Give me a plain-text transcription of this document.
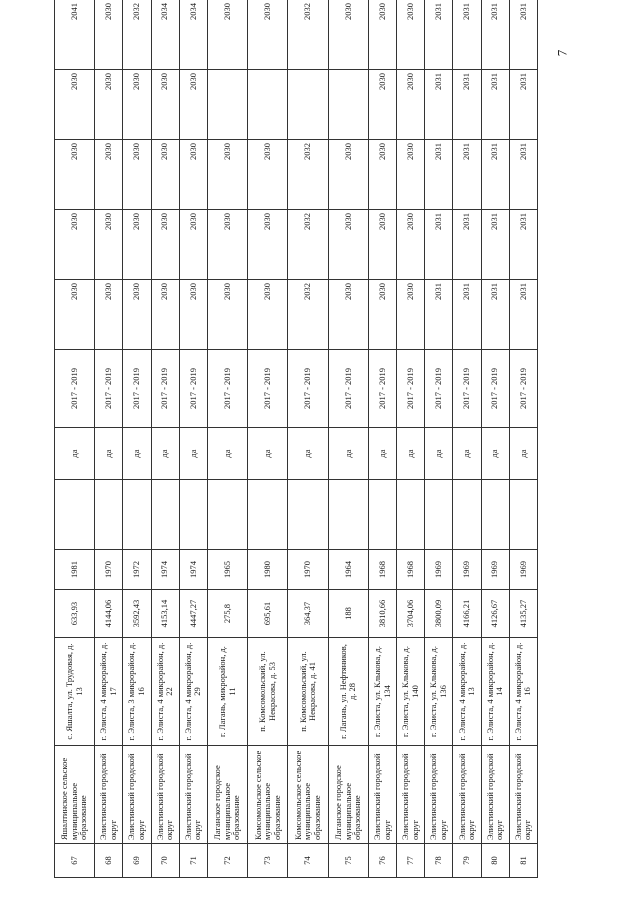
67	Яшалтинское сельское муниципальное образование	с. Яшалта, ул. Трудовая, д. 13	633,93	1981		да	2017 - 2019	2030	2030	2030	2030	2041
68	Элистинский городской округ	г. Элиста, 4 микрорайон, д. 17	4144,06	1970		да	2017 - 2019	2030	2030	2030	2030	2030
69	Элистинский городской округ	г. Элиста, 3 микрорайон, д. 16	3592,43	1972		да	2017 - 2019	2030	2030	2030	2030	2032
70	Элистинский городской округ	г. Элиста, 4 микрорайон, д. 22	4153,14	1974		да	2017 - 2019	2030	2030	2030	2030	2034
71	Элистинский городской округ	г. Элиста, 4 микрорайон, д. 29	4447,27	1974		да	2017 - 2019	2030	2030	2030	2030	2034
72	Лаганское городское муниципальное образование	г. Лагань, микрорайон, д. 11	275,8	1965		да	2017 - 2019	2030	2030	2030		2030
73	Комсомольское сельское муниципальное образование	п. Комсомольский, ул. Некрасова, д. 53	695,61	1980		да	2017 - 2019	2030	2030	2030		2030
74	Комсомольское сельское муниципальное образование	п. Комсомольский, ул. Некрасова, д. 41	364,37	1970		да	2017 - 2019	2032	2032	2032		2032
75	Лаганское городское муниципальное образование	г. Лагань, ул. Нефтяников, д. 28	188	1964		да	2017 - 2019	2030	2030	2030		2030
76	Элистинский городской округ	г. Элиста, ул. Клыкова, д. 134	3810,66	1968		да	2017 - 2019	2030	2030	2030	2030	2030
77	Элистинский городской округ	г. Элиста, ул. Клыкова, д. 140	3704,06	1968		да	2017 - 2019	2030	2030	2030	2030	2030
78	Элистинский городской округ	г. Элиста, ул. Клыкова, д. 136	3800,09	1969		да	2017 - 2019	2031	2031	2031	2031	2031
79	Элистинский городской округ	г. Элиста, 4 микрорайон, д. 13	4166,21	1969		да	2017 - 2019	2031	2031	2031	2031	2031
80	Элистинский городской округ	г. Элиста, 4 микрорайон, д. 14	4126,67	1969		да	2017 - 2019	2031	2031	2031	2031	2031
81	Элистинский городской округ	г. Элиста, 4 микрорайон, д. 16	4135,27	1969		да	2017 - 2019	2031	2031	2031	2031	2031
7
